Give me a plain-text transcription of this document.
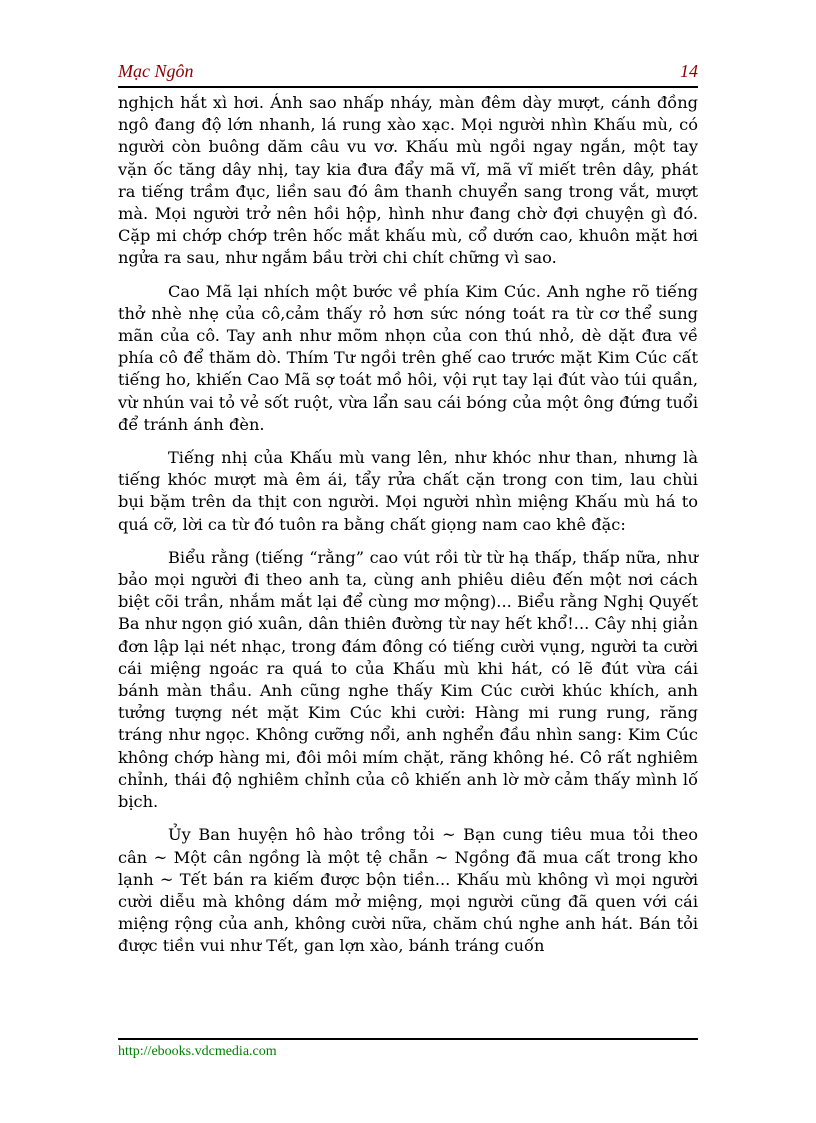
Mạc Ngôn	14

nghịch hắt xì hơi. Ánh sao nhấp nháy, màn đêm dày mượt, cánh đồng ngô đang độ lớn nhanh, lá rung xào xạc. Mọi người nhìn Khấu mù, có người còn buông dăm câu vu vơ. Khấu mù ngồi ngay ngắn, một tay vặn ốc tăng dây nhị, tay kia đưa đẩy mã vĩ, mã vĩ miết trên dây, phát ra tiếng trầm đục, liền sau đó âm thanh chuyển sang trong vắt, mượt mà. Mọi người trở nên hồi hộp, hình như đang chờ đợi chuyện gì đó. Cặp mi chớp chớp trên hốc mắt khấu mù, cổ dướn cao, khuôn mặt hơi ngửa ra sau, như ngắm bầu trời chi chít chững vì sao.

Cao Mã lại nhích một bước về phía Kim Cúc. Anh nghe rõ tiếng thở nhè nhẹ của cô,cảm thấy rỏ hơn sức nóng toát ra từ cơ thể sung mãn của cô. Tay anh như mõm nhọn của con thú nhỏ, dè dặt đưa về phía cô để thăm dò. Thím Tư ngồi trên ghế cao trước mặt Kim Cúc cất tiếng ho, khiến Cao Mã sợ toát mồ hôi, vội rụt tay lại đút vào túi quần, vừ nhún vai tỏ vẻ sốt ruột, vừa lẩn sau cái bóng của một ông đứng tuổi để tránh ánh đèn.

Tiếng nhị của Khấu mù vang lên, như khóc như than, nhưng là tiếng khóc mượt mà êm ái, tẩy rửa chất cặn trong con tim, lau chùi bụi bặm trên da thịt con người. Mọi người nhìn miệng Khấu mù há to quá cỡ, lời ca từ đó tuôn ra bằng chất giọng nam cao khê đặc:

Biểu rằng (tiếng “rằng” cao vút rồi từ từ hạ thấp, thấp nữa, như bảo mọi người đi theo anh ta, cùng anh phiêu diêu đến một nơi cách biệt cõi trần, nhắm mắt lại để cùng mơ mộng)... Biểu rằng Nghị Quyết Ba như ngọn gió xuân, dân thiên đường từ nay hết khổ!... Cây nhị giản đơn lập lại nét nhạc, trong đám đông có tiếng cười vụng, người ta cười cái miệng ngoác ra quá to của Khấu mù khi hát, có lẽ đút vừa cái bánh màn thầu. Anh cũng nghe thấy Kim Cúc cười khúc khích, anh tưởng tượng nét mặt Kim Cúc khi cười: Hàng mi rung rung, răng tráng như ngọc. Không cưỡng nổi, anh nghển đầu nhìn sang: Kim Cúc không chớp hàng mi, đôi môi mím chặt, răng không hé. Cô rất nghiêm chỉnh, thái độ nghiêm chỉnh của cô khiến anh lờ mờ cảm thấy mình lố bịch.

Ủy Ban huyện hô hào trồng tỏi ~ Bạn cung tiêu mua tỏi theo cân ~ Một cân ngồng là một tệ chẵn ~ Ngồng đã mua cất trong kho lạnh ~ Tết bán ra kiếm được bộn tiền... Khấu mù không vì mọi người cười diễu mà không dám mở miệng, mọi người cũng đã quen với cái miệng rộng của anh, không cười nữa, chăm chú nghe anh hát. Bán tỏi được tiền vui như Tết, gan lợn xào, bánh tráng cuốn

http://ebooks.vdcmedia.com
